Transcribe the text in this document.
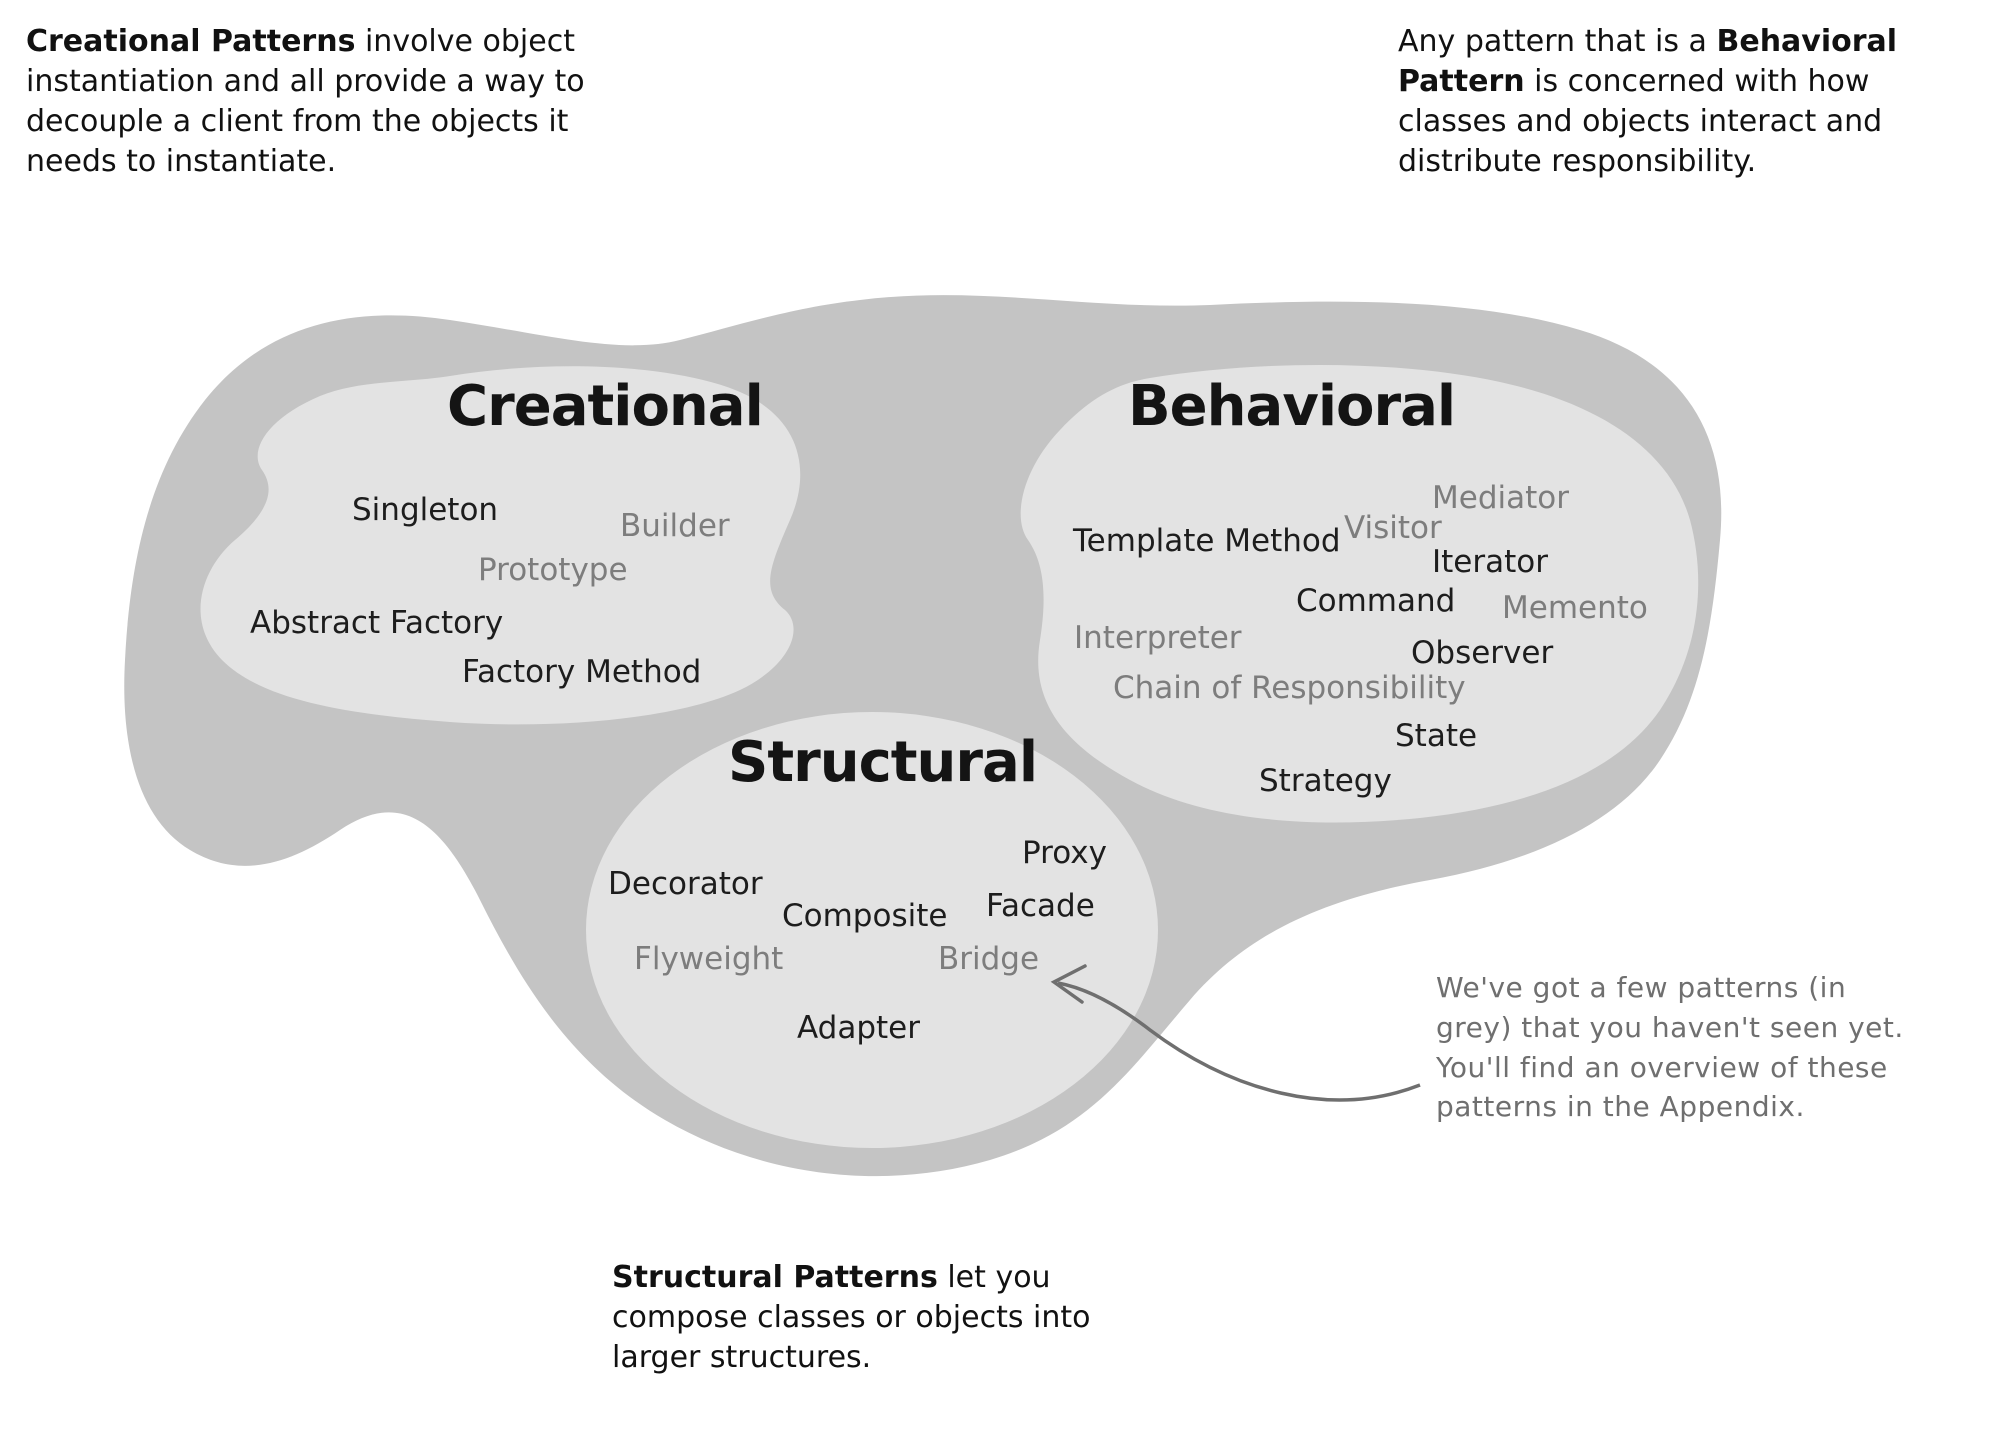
Creational Patterns involve object instantiation and all provide a way to decouple a client from the objects it needs to instantiate.
Any pattern that is a Behavioral Pattern is concerned with how classes and objects interact and distribute responsibility.
Structural Patterns let you compose classes or objects into larger structures.
We've got a few patterns (in grey) that you haven't seen yet. You'll find an overview of these patterns in the Appendix.
Creational	Behavioral
Structural
Singleton	Builder
Prototype
Abstract Factory
Factory Method
Mediator
Visitor
Template Method
Iterator
Command Memento
Interpreter	Observer
Chain of Responsibility
State
Strategy
Proxy
Decorator
Facade
Composite
Flyweight	Bridge
Adapter
